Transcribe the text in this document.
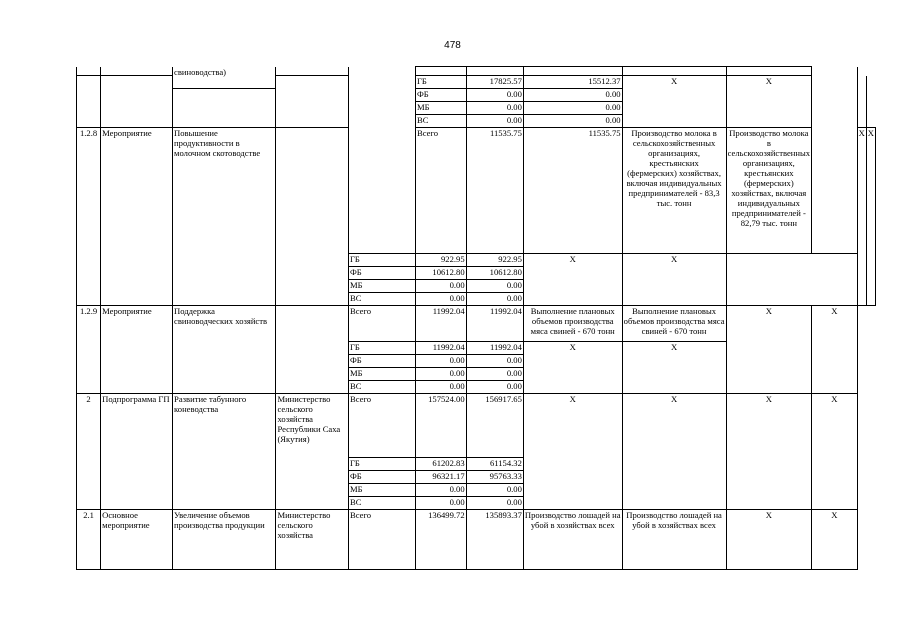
478
		свиноводства)										
					ГБ	17825.57	15512.37	X	X			
					ФБ	0.00	0.00					
					МБ	0.00	0.00					
					ВС	0.00	0.00					
1.2.8	Мероприятие	Повышение продуктивности в молочном скотоводстве			Всего	11535.75	11535.75	Производство молока в сельскохозяйственных организациях, крестьянских (фермерских) хозяйствах, включая индивидуальных предпринимателей - 83,3 тыс. тонн	Производство молока в сельскохозяйственных организациях, крестьянских (фермерских) хозяйствах, включая индивидуальных предпринимателей - 82,79 тыс. тонн		X	X
				ГБ	922.95	922.95	X	X				
				ФБ	10612.80	10612.80						
				МБ	0.00	0.00						
				ВС	0.00	0.00						
1.2.9	Мероприятие	Поддержка свиноводческих хозяйств		Всего	11992.04	11992.04	Выполнение плановых объемов производства мяса свиней - 670 тонн	Выполнение плановых объемов производства мяса свиней - 670 тонн	X	X		
				ГБ	11992.04	11992.04	X	X				
				ФБ	0.00	0.00						
				МБ	0.00	0.00						
				ВС	0.00	0.00						
2	Подпрограмма ГП	Развитие табунного коневодства	Министерство сельского хозяйства Республики Саха (Якутия)	Всего	157524.00	156917.65	X	X	X	X		
				ГБ	61202.83	61154.32						
				ФБ	96321.17	95763.33						
				МБ	0.00	0.00						
				ВС	0.00	0.00						
2.1	Основное мероприятие	Увеличение объемов производства продукции	Министерство сельского хозяйства	Всего	136499.72	135893.37	Производство лошадей на убой в хозяйствах всех	Производство лошадей на убой в хозяйствах всех	X	X		
